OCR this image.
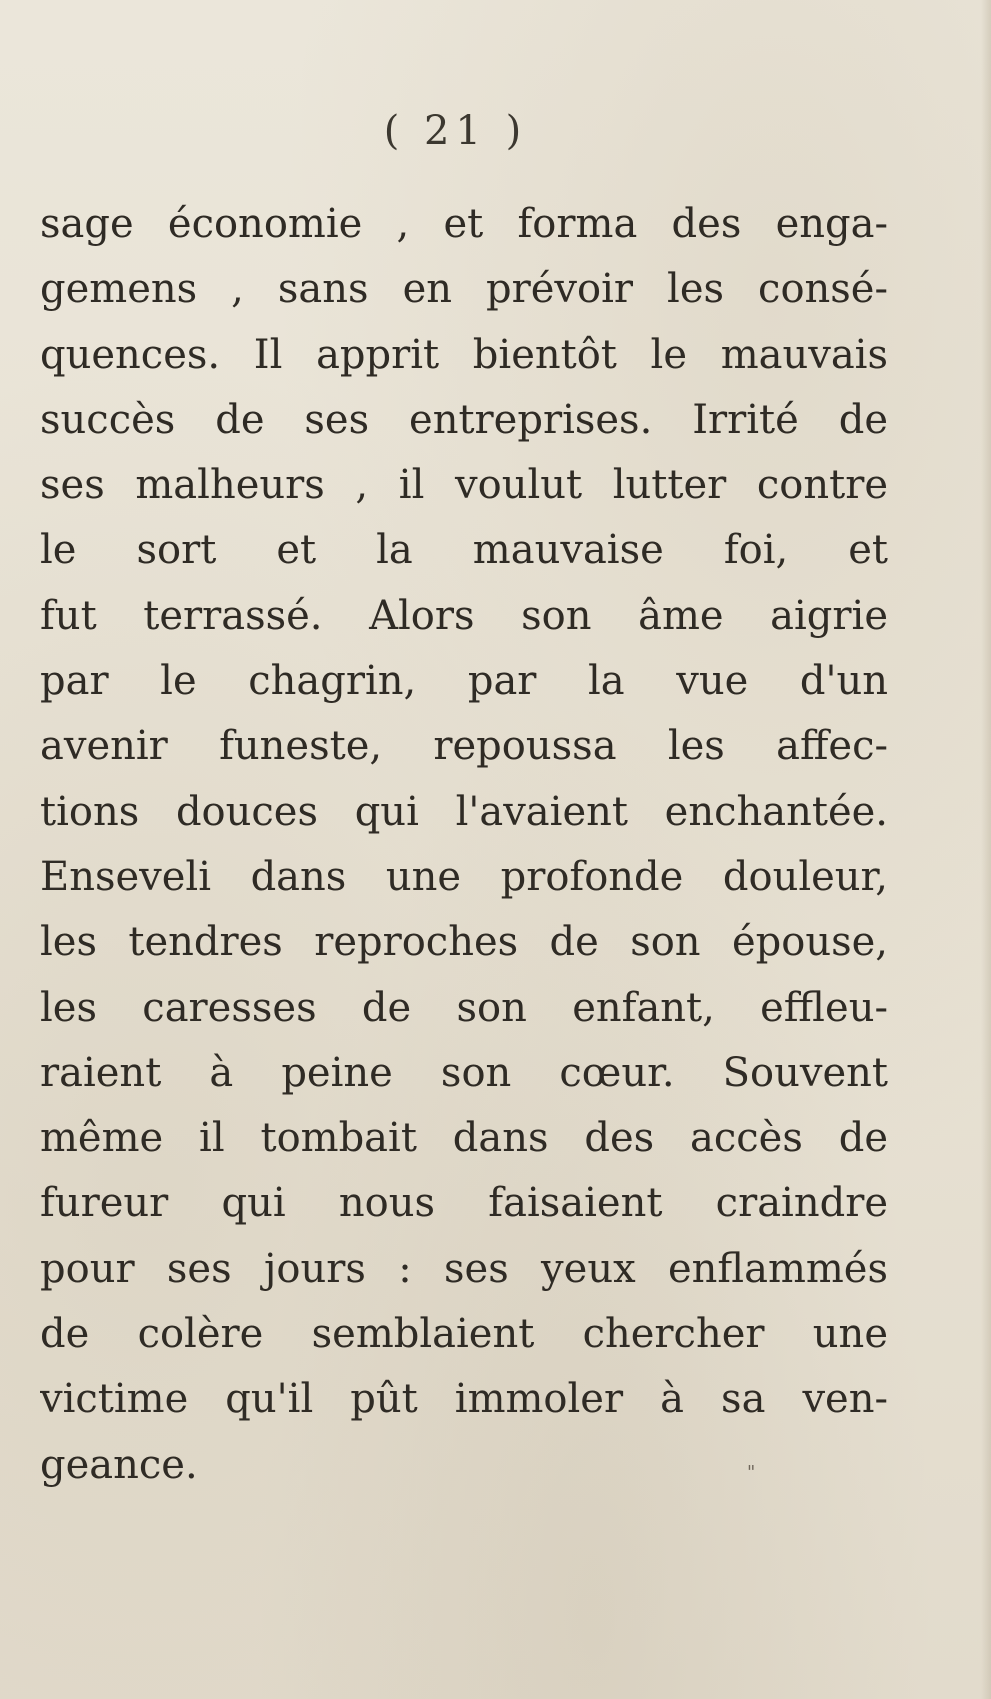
( 21 )

sage économie , et forma des enga-
gemens , sans en prévoir les consé-
quences. Il apprit bientôt le mauvais
succès de ses entreprises. Irrité de
ses malheurs , il voulut lutter contre
le sort et la mauvaise foi, et
fut terrassé. Alors son âme aigrie
par le chagrin, par la vue d'un
avenir funeste, repoussa les affec-
tions douces qui l'avaient enchantée.
Enseveli dans une profonde douleur,
les tendres reproches de son épouse,
les caresses de son enfant, effleu-
raient à peine son cœur. Souvent
même il tombait dans des accès de
fureur qui nous faisaient craindre
pour ses jours : ses yeux enflammés
de colère semblaient chercher une
victime qu'il pût immoler à sa ven-
geance.	"
